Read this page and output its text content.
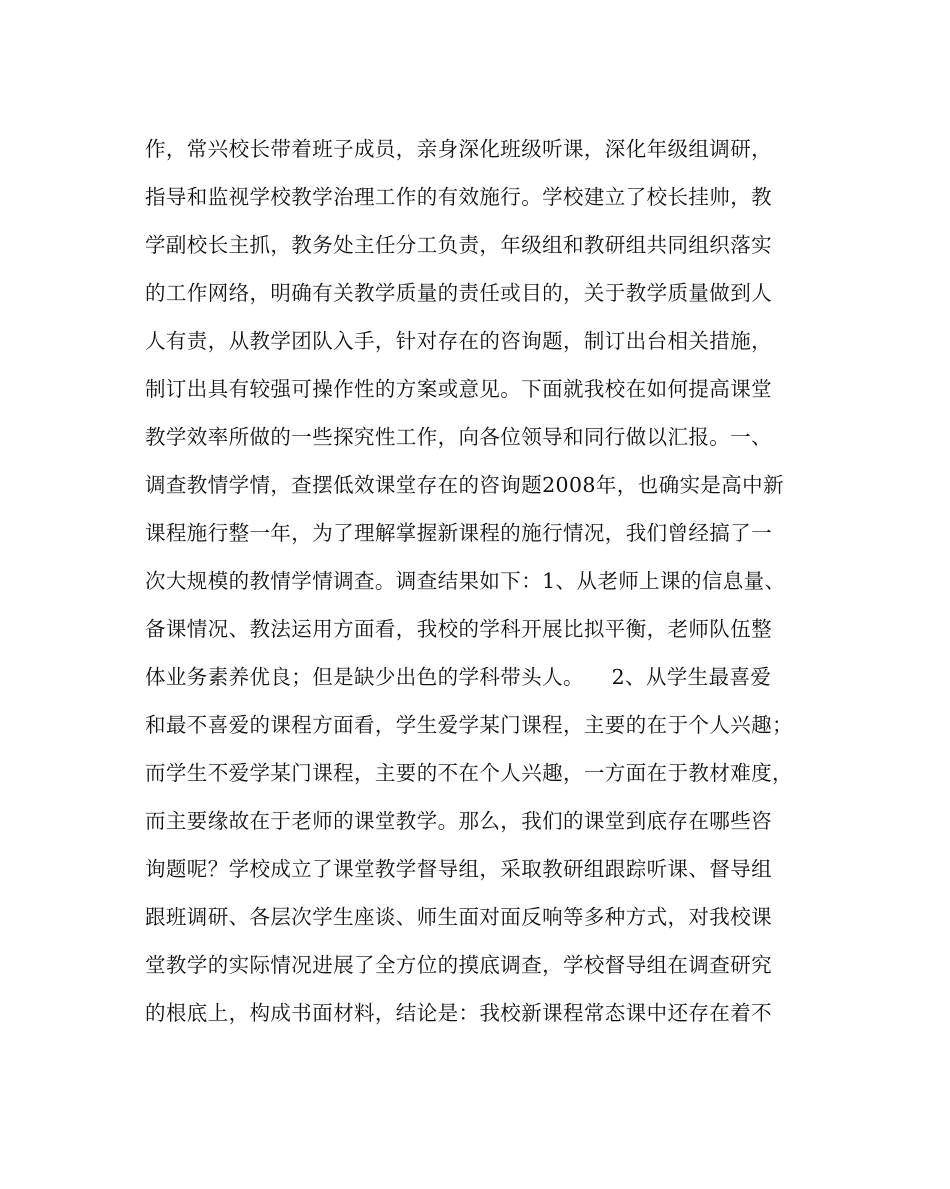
作，常兴校长带着班子成员，亲身深化班级听课，深化年级组调研，
指导和监视学校教学治理工作的有效施行。学校建立了校长挂帅，教
学副校长主抓，教务处主任分工负责，年级组和教研组共同组织落实
的工作网络，明确有关教学质量的责任或目的，关于教学质量做到人
人有责，从教学团队入手，针对存在的咨询题，制订出台相关措施，
制订出具有较强可操作性的方案或意见。下面就我校在如何提高课堂
教学效率所做的一些探究性工作，向各位领导和同行做以汇报。一、
调查教情学情，查摆低效课堂存在的咨询题2008年，也确实是高中新
课程施行整一年，为了理解掌握新课程的施行情况，我们曾经搞了一
次大规模的教情学情调查。调查结果如下：1、从老师上课的信息量、
备课情况、教法运用方面看，我校的学科开展比拟平衡，老师队伍整
体业务素养优良；但是缺少出色的学科带头人。    2、从学生最喜爱
和最不喜爱的课程方面看，学生爱学某门课程，主要的在于个人兴趣；
而学生不爱学某门课程，主要的不在个人兴趣，一方面在于教材难度，
而主要缘故在于老师的课堂教学。那么，我们的课堂到底存在哪些咨
询题呢？学校成立了课堂教学督导组，采取教研组跟踪听课、督导组
跟班调研、各层次学生座谈、师生面对面反响等多种方式，对我校课
堂教学的实际情况进展了全方位的摸底调查，学校督导组在调查研究
的根底上，构成书面材料，结论是：我校新课程常态课中还存在着不
